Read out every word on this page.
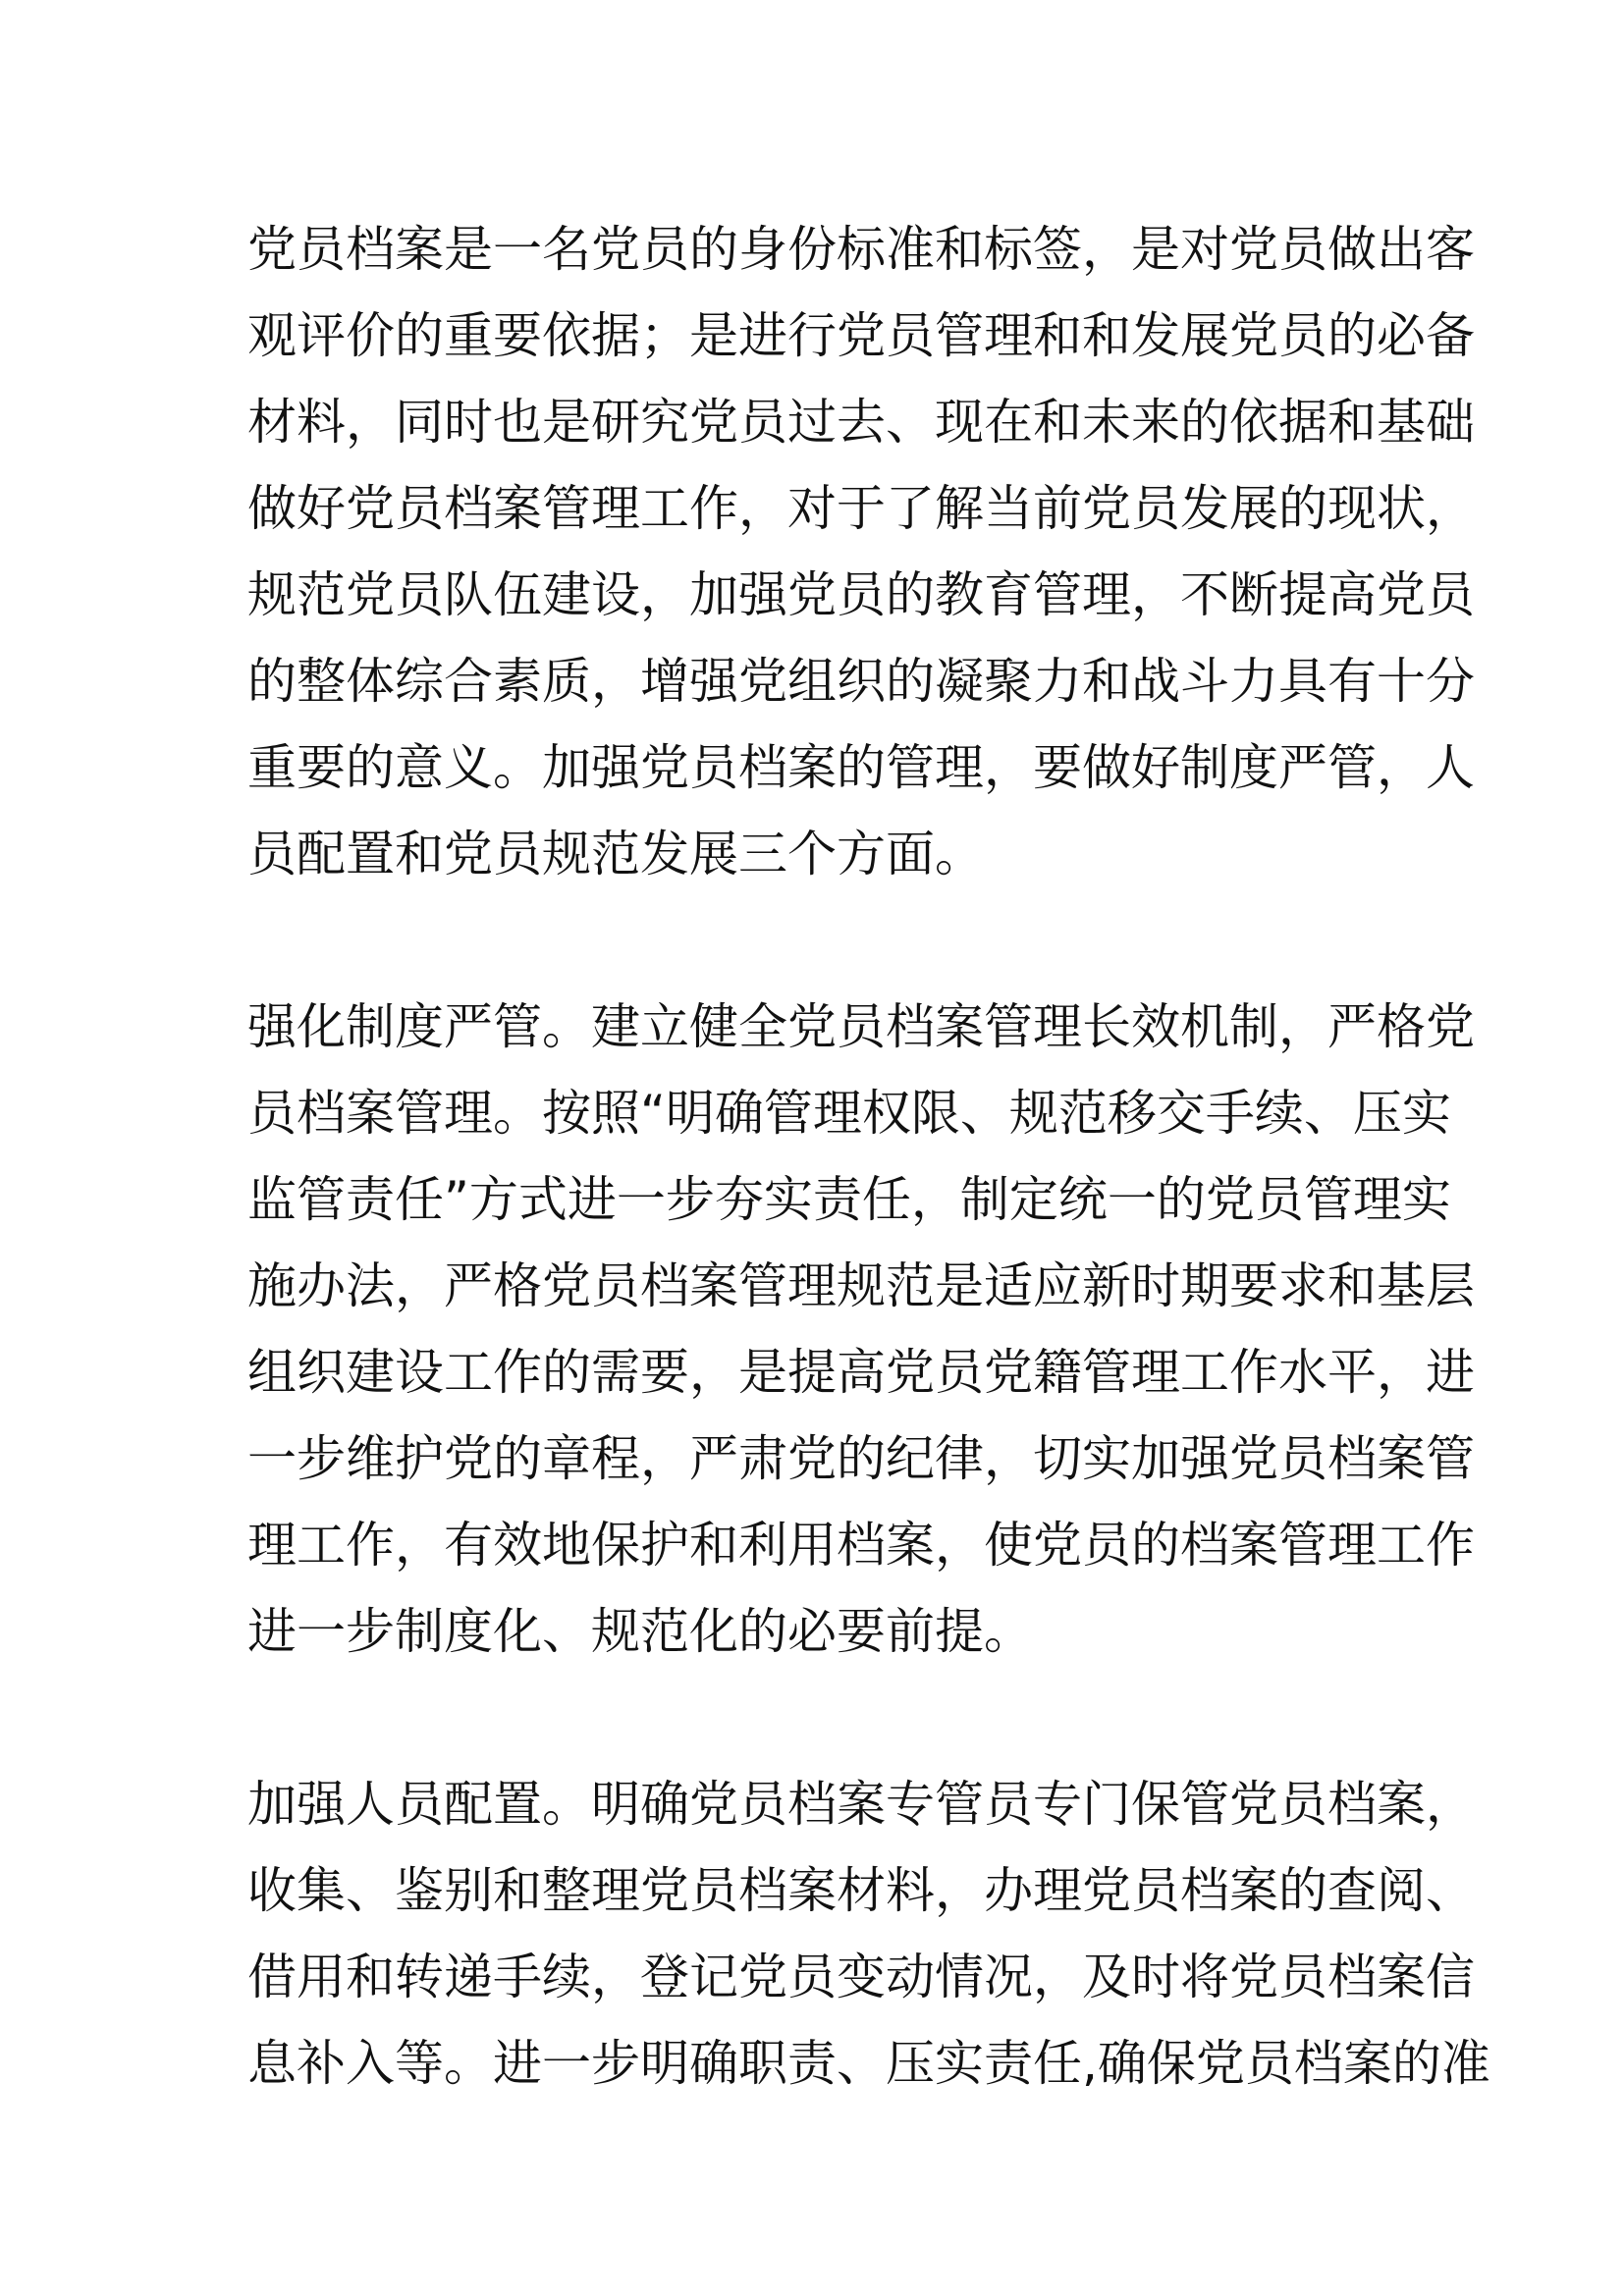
党员档案是一名党员的身份标准和标签，是对党员做出客
观评价的重要依据；是进行党员管理和和发展党员的必备
材料，同时也是研究党员过去、现在和未来的依据和基础
做好党员档案管理工作，对于了解当前党员发展的现状，
规范党员队伍建设，加强党员的教育管理，不断提高党员
的整体综合素质，增强党组织的凝聚力和战斗力具有十分
重要的意义。加强党员档案的管理，要做好制度严管，人
员配置和党员规范发展三个方面。

强化制度严管。建立健全党员档案管理长效机制，严格党
员档案管理。按照“明确管理权限、规范移交手续、压实
监管责任”方式进一步夯实责任，制定统一的党员管理实
施办法，严格党员档案管理规范是适应新时期要求和基层
组织建设工作的需要，是提高党员党籍管理工作水平，进
一步维护党的章程，严肃党的纪律，切实加强党员档案管
理工作，有效地保护和利用档案，使党员的档案管理工作
进一步制度化、规范化的必要前提。

加强人员配置。明确党员档案专管员专门保管党员档案，
收集、鉴别和整理党员档案材料，办理党员档案的查阅、
借用和转递手续，登记党员变动情况，及时将党员档案信
息补入等。进一步明确职责、压实责任,确保党员档案的准
